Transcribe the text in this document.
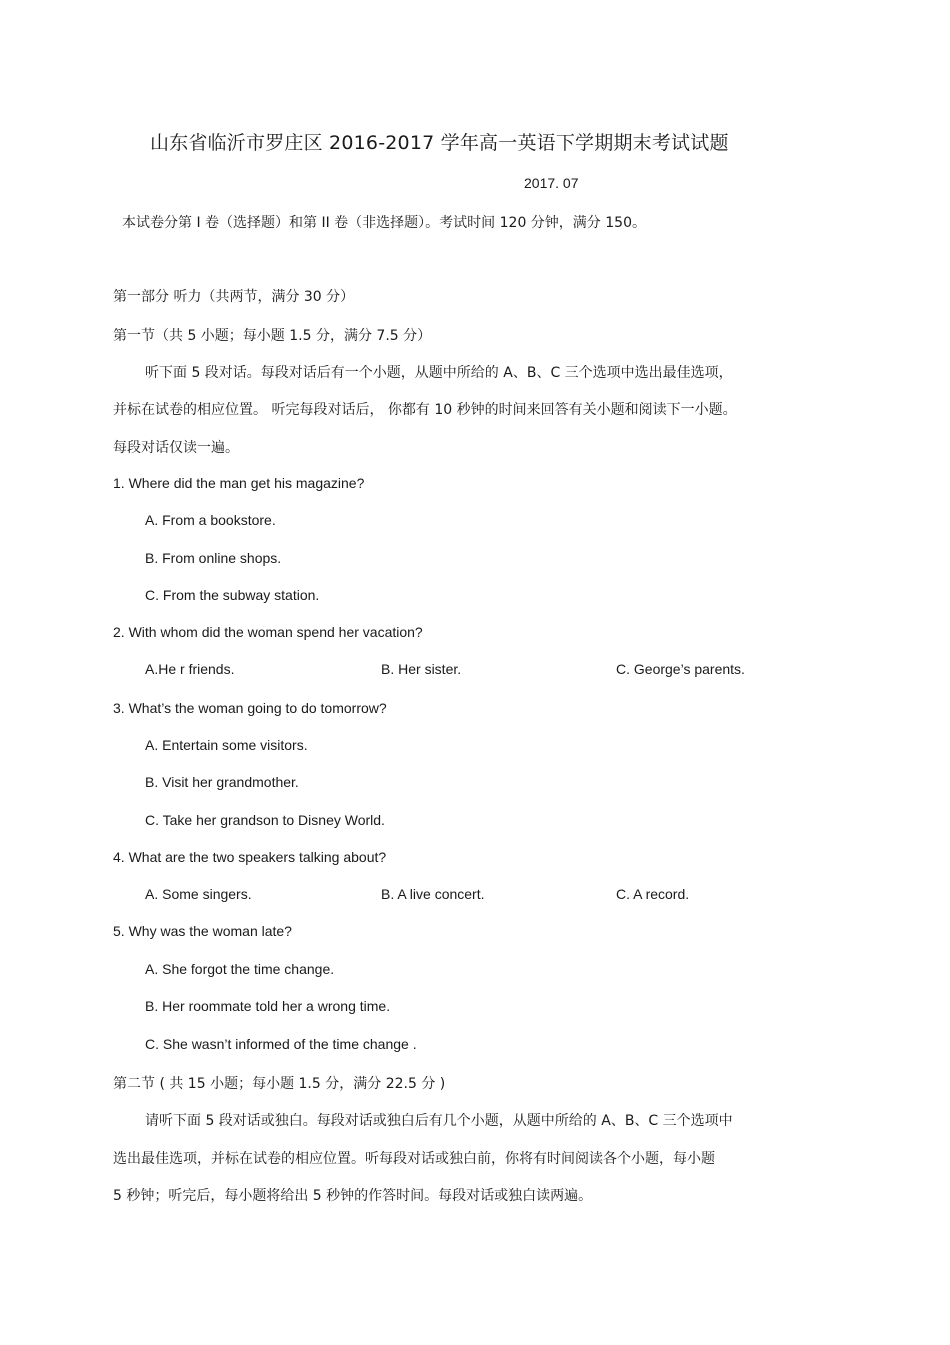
山东省临沂市罗庄区 2016-2017 学年高一英语下学期期末考试试题
2017. 07
本试卷分第 I 卷（选择题）和第 II 卷（非选择题）。考试时间 120 分钟，满分 150。
第一部分 听力（共两节，满分 30 分）
第一节（共 5 小题；每小题 1.5 分，满分 7.5 分）
听下面 5 段对话。每段对话后有一个小题，从题中所给的 A、B、C 三个选项中选出最佳选项，
并标在试卷的相应位置。 听完每段对话后， 你都有 10 秒钟的时间来回答有关小题和阅读下一小题。
每段对话仅读一遍。
1. Where did the man get his magazine?
A. From a bookstore.
B. From online shops.
C. From the subway station.
2. With whom did the woman spend her vacation?
A.He r friends.	B. Her sister.	C. George’s parents.
3. What’s the woman going to do tomorrow?
A. Entertain some visitors.
B. Visit her grandmother.
C. Take her grandson to Disney World.
4. What are the two speakers talking about?
A. Some singers.	B. A live concert.	C. A record.
5. Why was the woman late?
A. She forgot the time change.
B. Her roommate told her a wrong time.
C. She wasn’t informed of the time change .
第二节 ( 共 15 小题；每小题 1.5 分，满分 22.5 分 )
请听下面 5 段对话或独白。每段对话或独白后有几个小题，从题中所给的 A、B、C 三个选项中
选出最佳选项，并标在试卷的相应位置。听每段对话或独白前，你将有时间阅读各个小题，每小题
5 秒钟；听完后，每小题将给出 5 秒钟的作答时间。每段对话或独白读两遍。
